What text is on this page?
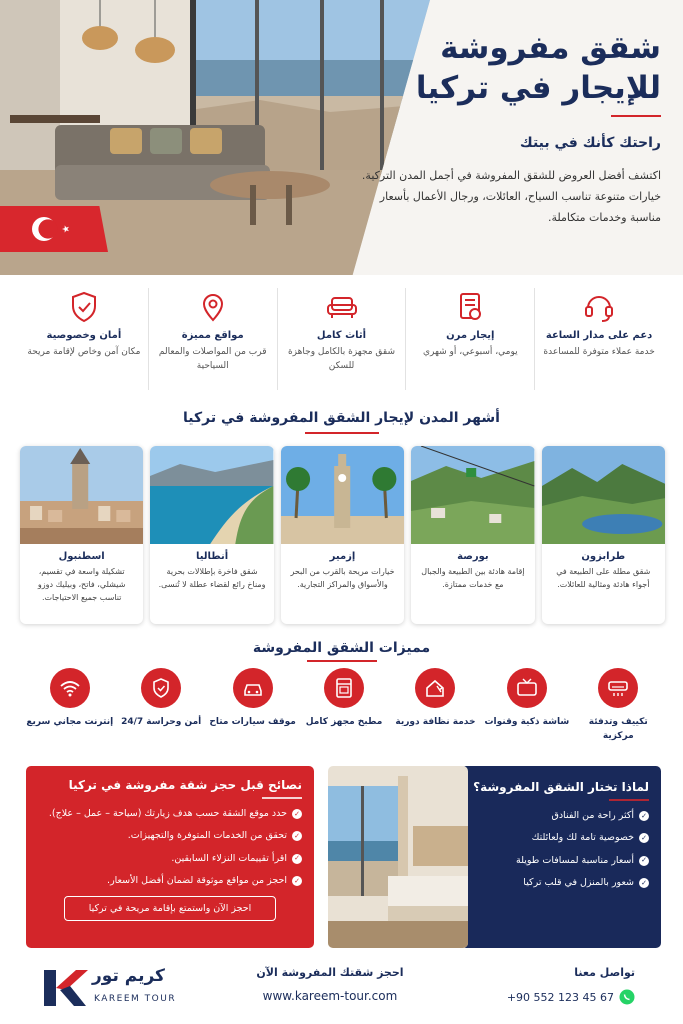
شقق مفروشة
للإيجار في تركيا
راحتك كأنك في بيتك
اكتشف أفضل العروض للشقق المفروشة في أجمل المدن التركية. خيارات متنوعة تناسب السياح، العائلات، ورجال الأعمال بأسعار مناسبة وخدمات متكاملة.
دعم على مدار الساعة
خدمة عملاء متوفرة للمساعدة
إيجار مرن
يومي، أسبوعي، أو شهري
أثاث كامل
شقق مجهزة بالكامل وجاهزة للسكن
مواقع مميزة
قرب من المواصلات والمعالم السياحية
أمان وخصوصية
مكان آمن وخاص لإقامة مريحة
أشهر المدن لإيجار الشقق المفروشة في تركيا
طرابزون
شقق مطلة على الطبيعة في أجواء هادئة ومثالية للعائلات.
بورصة
إقامة هادئة بين الطبيعة والجبال مع خدمات ممتازة.
إزمير
خيارات مريحة بالقرب من البحر والأسواق والمراكز التجارية.
أنطاليا
شقق فاخرة بإطلالات بحرية ومناخ رائع لقضاء عطلة لا تُنسى.
اسطنبول
تشكيلة واسعة في تقسيم، شيشلي، فاتح، وبيليك دوزو تناسب جميع الاحتياجات.
مميزات الشقق المفروشة
تكييف وتدفئة مركزية
شاشة ذكية وقنوات
خدمة نظافة دورية
مطبخ مجهز كامل
موقف سيارات متاح
أمن وحراسة 24/7
إنترنت مجاني سريع
لماذا تختار الشقق المفروشة؟
✓
أكثر راحة من الفنادق
✓
خصوصية تامة لك ولعائلتك
✓
أسعار مناسبة لمسافات طويلة
✓
شعور بالمنزل في قلب تركيا
نصائح قبل حجز شقة مفروشة في تركيا
✓
حدد موقع الشقة حسب هدف زيارتك (سياحة – عمل – علاج).
✓
تحقق من الخدمات المتوفرة والتجهيزات.
✓
اقرأ تقييمات النزلاء السابقين.
✓
احجز من مواقع موثوقة لضمان أفضل الأسعار.
احجز الآن واستمتع بإقامة مريحة في تركيا
تواصل معنا
+90 552 123 45 67
احجز شقتك المفروشة الآن
www.kareem-tour.com
كريم تور
KAREEM TOUR
